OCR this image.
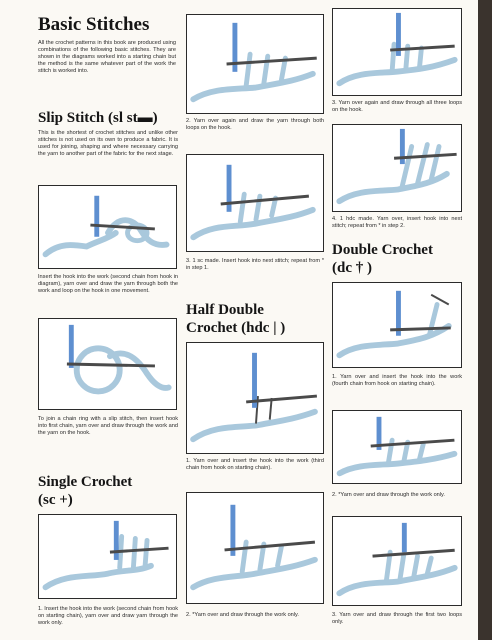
Basic Stitches
All the crochet patterns in this book are produced using combinations of the following basic stitches. They are shown in the diagrams worked into a starting chain but the method is the same whatever part of the work the stitch is worked into.
Slip Stitch (sl st▬)
This is the shortest of crochet stitches and unlike other stitches is not used on its own to produce a fabric. It is used for joining, shaping and where necessary carrying the yarn to another part of the fabric for the next stage.
Insert the hook into the work (second chain from hook in diagram), yarn over and draw the yarn through both the work and loop on the hook in one movement.
To join a chain ring with a slip stitch, then insert hook into first chain, yarn over and draw through the work and the yarn on the hook.
Single Crochet
(sc +)
1. Insert the hook into the work (second chain from hook on starting chain), yarn over and draw yarn through the work only.
2. Yarn over again and draw the yarn through both loops on the hook.
3. 1 sc made. Insert hook into next stitch; repeat from * in step 1.
Half Double
Crochet (hdc | )
1. Yarn over and insert the hook into the work (third chain from hook on starting chain).
2. *Yarn over and draw through the work only.
3. Yarn over again and draw through all three loops on the hook.
4. 1 hdc made. Yarn over, insert hook into next stitch; repeat from * in step 2.
Double Crochet
(dc † )
1. Yarn over and insert the hook into the work (fourth chain from hook on starting chain).
2. *Yarn over and draw through the work only.
3. Yarn over and draw through the first two loops only.
